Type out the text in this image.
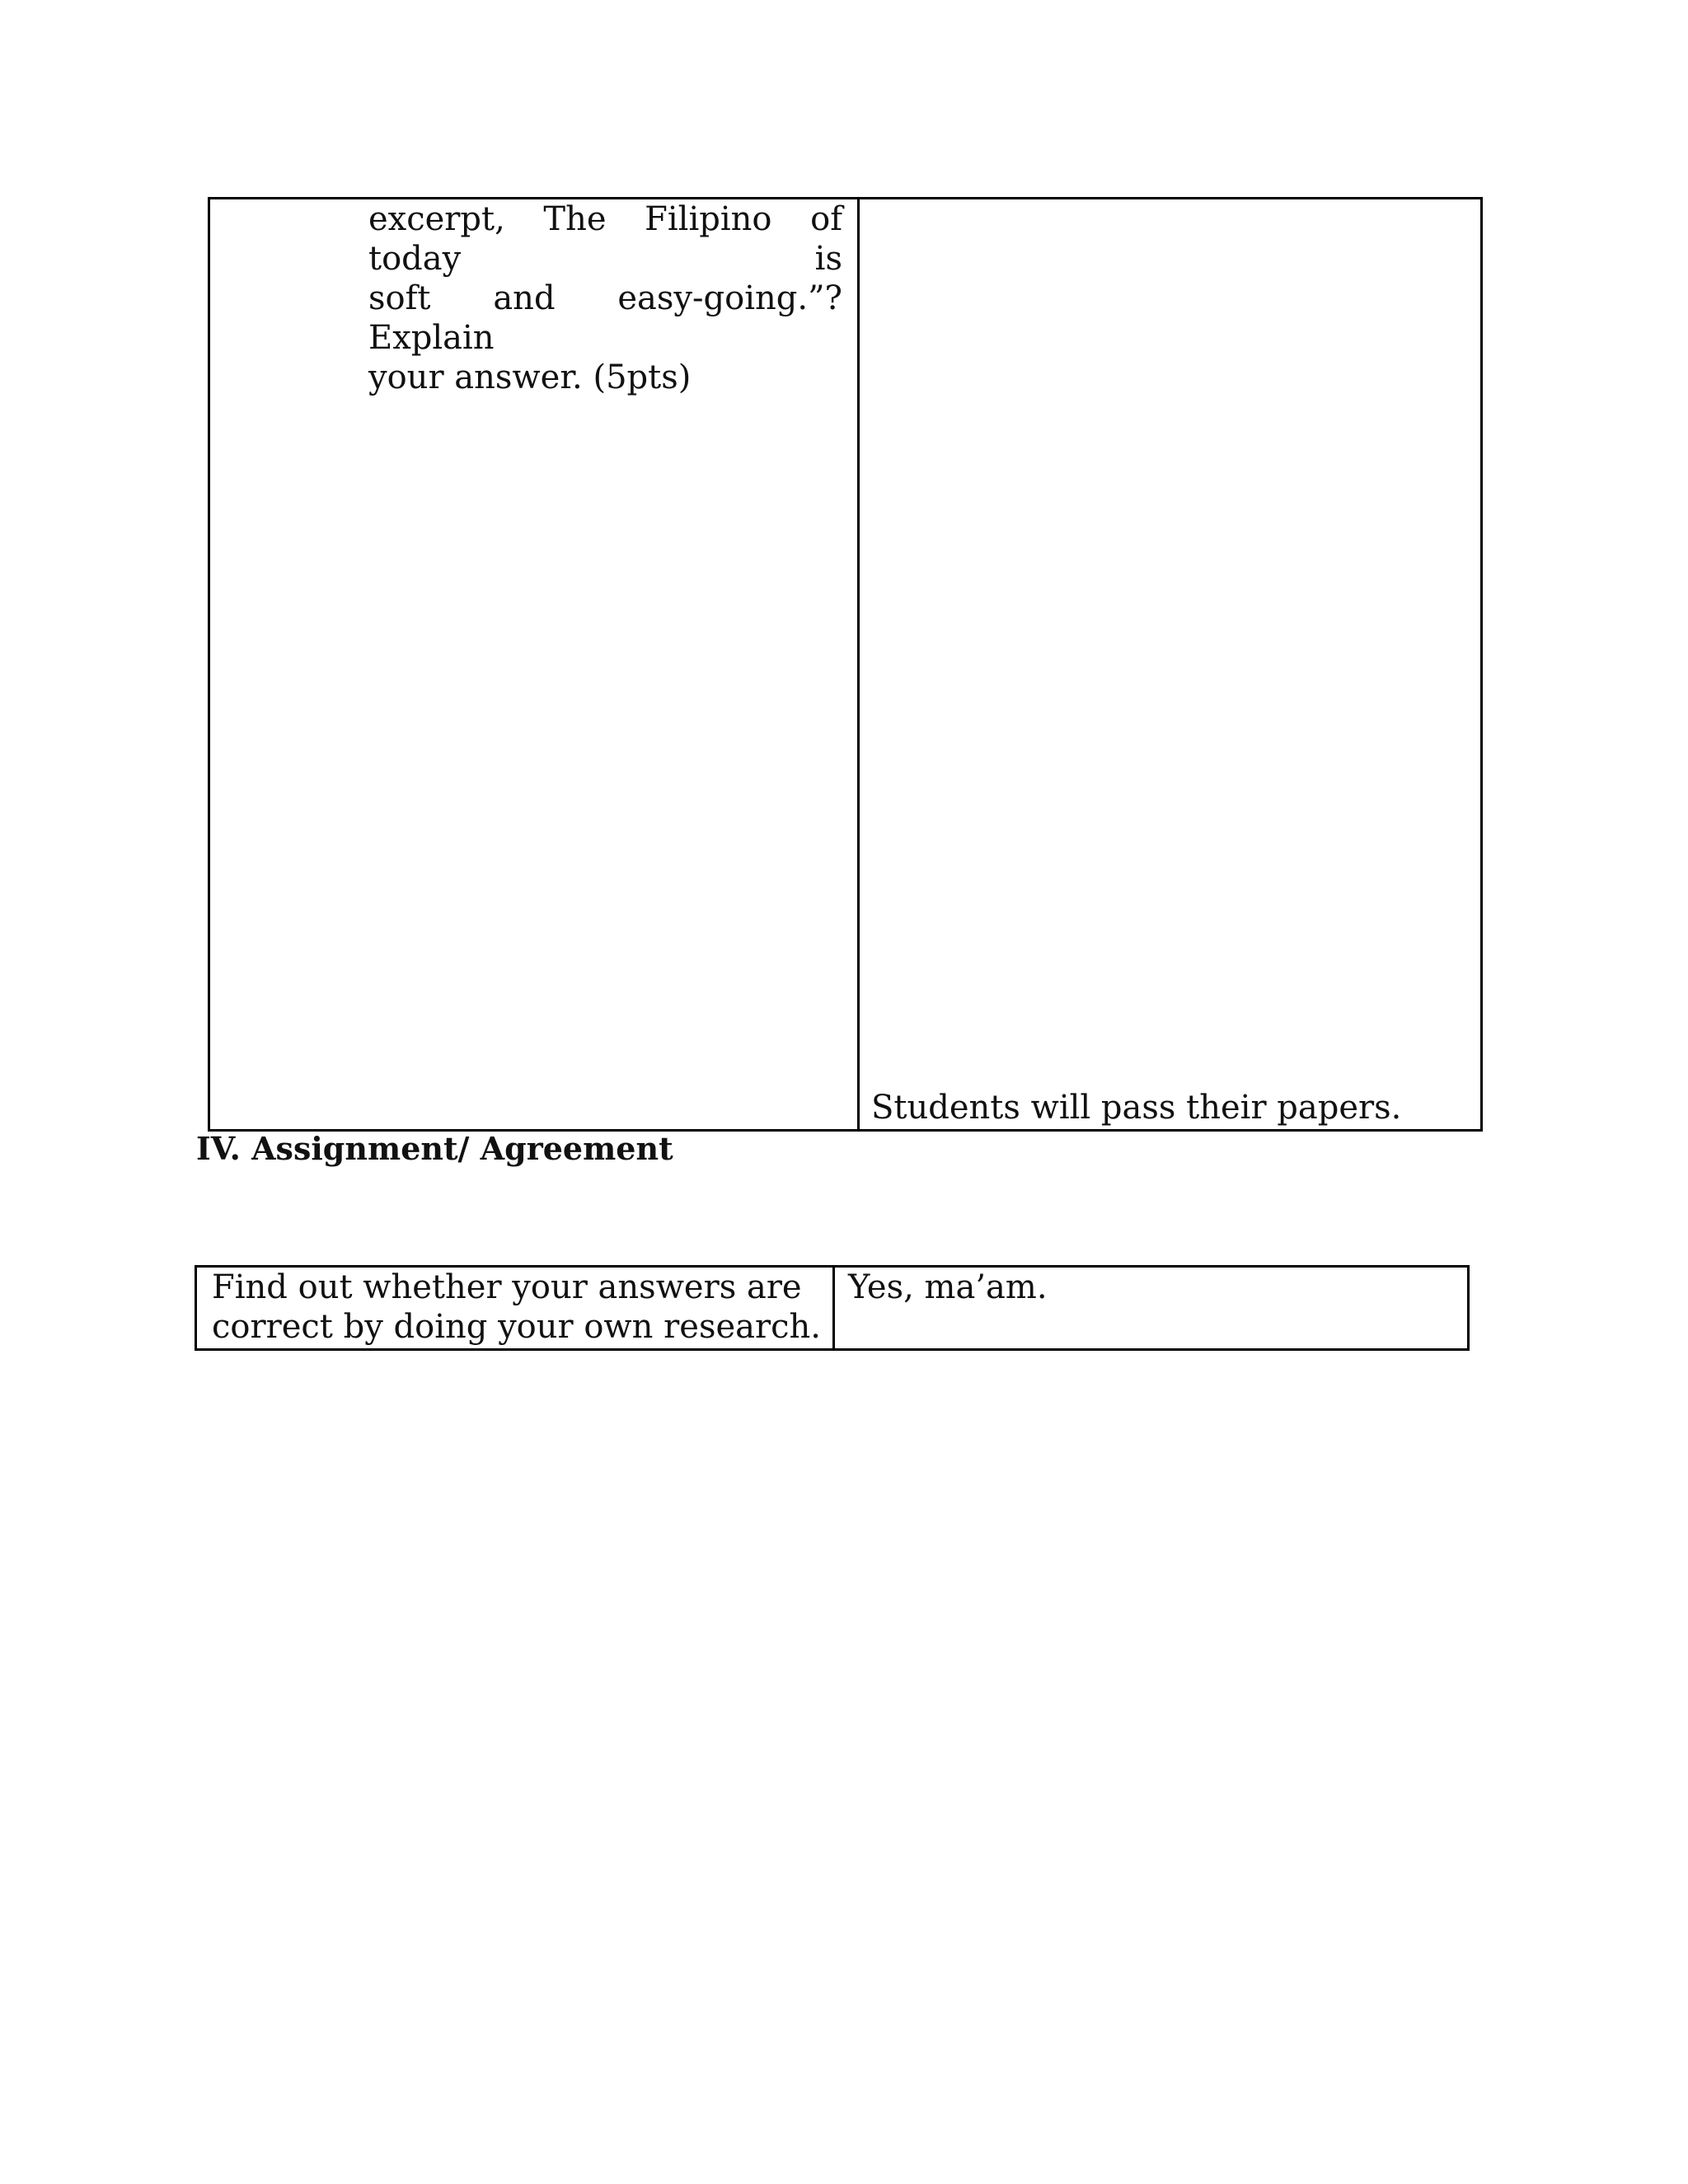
excerpt, The Filipino of today is
soft and easy-going.”? Explain
your answer. (5pts)
Students will pass their papers.
IV. Assignment/ Agreement
Find out whether your answers are
correct by doing your own research.
Yes, ma’am.
